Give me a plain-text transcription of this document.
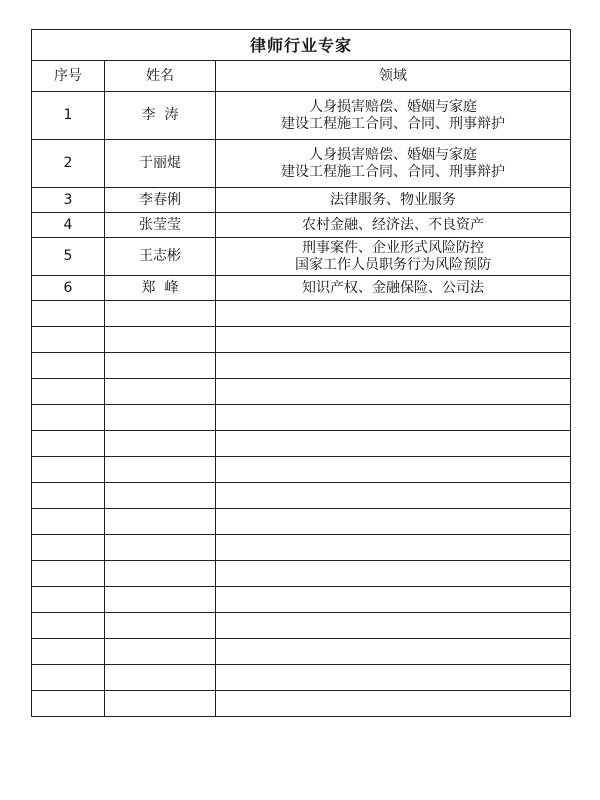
律师行业专家		
序号	姓名	领域
1	李  涛	人身损害赔偿、婚姻与家庭
建设工程施工合同、合同、刑事辩护

2	于丽焜	人身损害赔偿、婚姻与家庭
建设工程施工合同、合同、刑事辩护

3	李春俐	法律服务、物业服务

4	张莹莹	农村金融、经济法、不良资产

5	王志彬	刑事案件、企业形式风险防控
国家工作人员职务行为风险预防

6	郑  峰	知识产权、金融保险、公司法
